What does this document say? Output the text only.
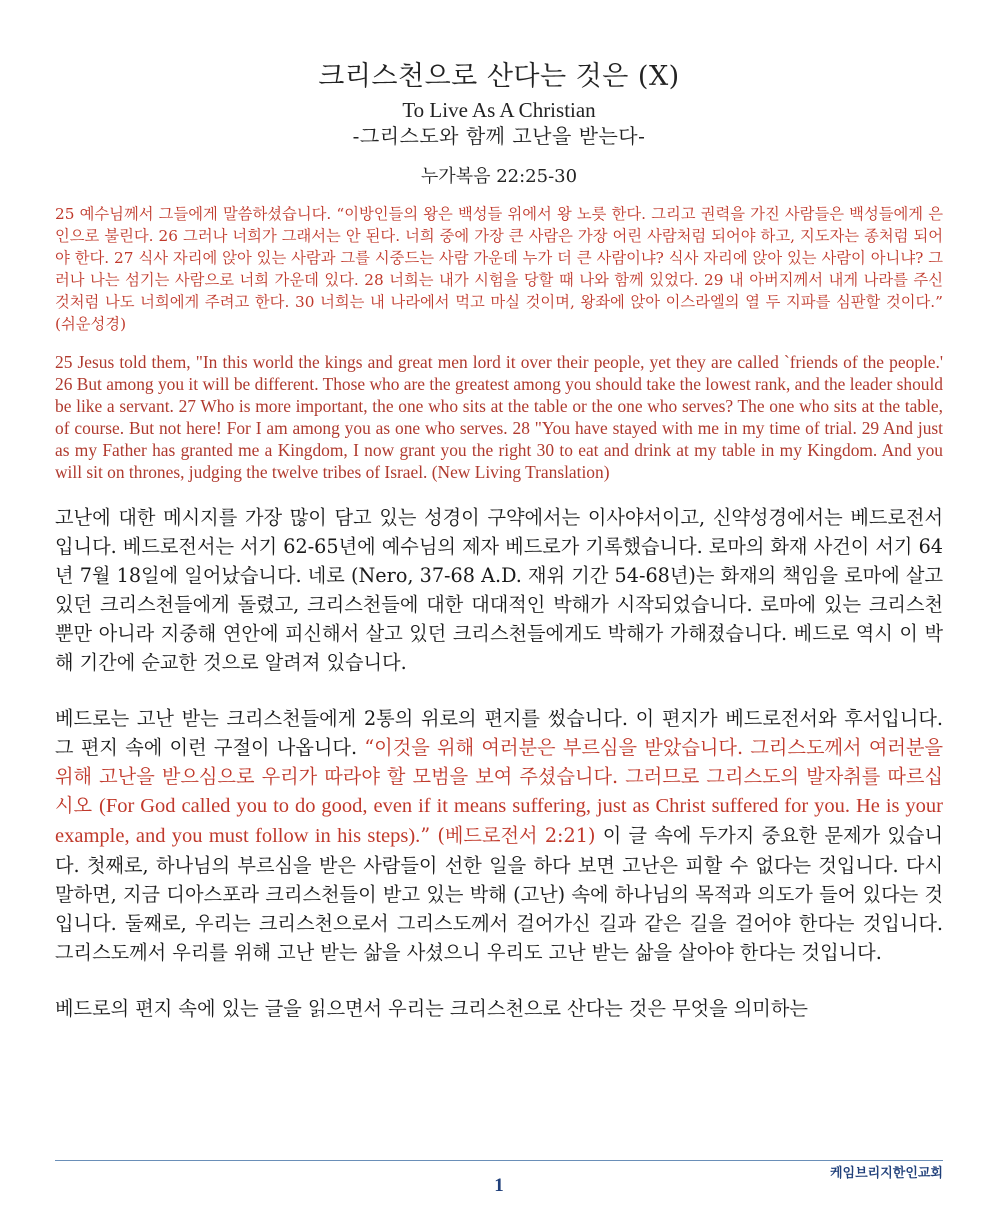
크리스천으로 산다는 것은 (X)
To Live As A Christian
-그리스도와 함께 고난을 받는다-
누가복음 22:25-30
25 예수님께서 그들에게 말씀하셨습니다. “이방인들의 왕은 백성들 위에서 왕 노릇 한다. 그리고 권력을 가진 사람들은 백성들에게 은인으로 불린다. 26 그러나 너희가 그래서는 안 된다. 너희 중에 가장 큰 사람은 가장 어린 사람처럼 되어야 하고, 지도자는 종처럼 되어야 한다. 27 식사 자리에 앉아 있는 사람과 그를 시중드는 사람 가운데 누가 더 큰 사람이냐? 식사 자리에 앉아 있는 사람이 아니냐? 그러나 나는 섬기는 사람으로 너희 가운데 있다. 28 너희는 내가 시험을 당할 때 나와 함께 있었다. 29 내 아버지께서 내게 나라를 주신 것처럼 나도 너희에게 주려고 한다. 30 너희는 내 나라에서 먹고 마실 것이며, 왕좌에 앉아 이스라엘의 열 두 지파를 심판할 것이다.” (쉬운성경)
25 Jesus told them, "In this world the kings and great men lord it over their people, yet they are called `friends of the people.' 26 But among you it will be different. Those who are the greatest among you should take the lowest rank, and the leader should be like a servant. 27 Who is more important, the one who sits at the table or the one who serves? The one who sits at the table, of course. But not here! For I am among you as one who serves. 28 "You have stayed with me in my time of trial. 29 And just as my Father has granted me a Kingdom, I now grant you the right 30 to eat and drink at my table in my Kingdom. And you will sit on thrones, judging the twelve tribes of Israel. (New Living Translation)
고난에 대한 메시지를 가장 많이 담고 있는 성경이 구약에서는 이사야서이고, 신약성경에서는 베드로전서입니다. 베드로전서는 서기 62-65년에 예수님의 제자 베드로가 기록했습니다. 로마의 화재 사건이 서기 64년 7월 18일에 일어났습니다. 네로 (Nero, 37-68 A.D. 재위 기간 54-68년)는 화재의 책임을 로마에 살고 있던 크리스천들에게 돌렸고, 크리스천들에 대한 대대적인 박해가 시작되었습니다. 로마에 있는 크리스천뿐만 아니라 지중해 연안에 피신해서 살고 있던 크리스천들에게도 박해가 가해졌습니다. 베드로 역시 이 박해 기간에 순교한 것으로 알려져 있습니다.
베드로는 고난 받는 크리스천들에게 2통의 위로의 편지를 썼습니다. 이 편지가 베드로전서와 후서입니다. 그 편지 속에 이런 구절이 나옵니다. “이것을 위해 여러분은 부르심을 받았습니다. 그리스도께서 여러분을 위해 고난을 받으심으로 우리가 따라야 할 모범을 보여 주셨습니다. 그러므로 그리스도의 발자취를 따르십시오 (For God called you to do good, even if it means suffering, just as Christ suffered for you. He is your example, and you must follow in his steps).” (베드로전서 2:21) 이 글 속에 두가지 중요한 문제가 있습니다. 첫째로, 하나님의 부르심을 받은 사람들이 선한 일을 하다 보면 고난은 피할 수 없다는 것입니다. 다시 말하면, 지금 디아스포라 크리스천들이 받고 있는 박해 (고난) 속에 하나님의 목적과 의도가 들어 있다는 것입니다. 둘째로, 우리는 크리스천으로서 그리스도께서 걸어가신 길과 같은 길을 걸어야 한다는 것입니다. 그리스도께서 우리를 위해 고난 받는 삶을 사셨으니 우리도 고난 받는 삶을 살아야 한다는 것입니다.
베드로의 편지 속에 있는 글을 읽으면서 우리는 크리스천으로 산다는 것은 무엇을 의미하는
케임브리지한인교회
1
